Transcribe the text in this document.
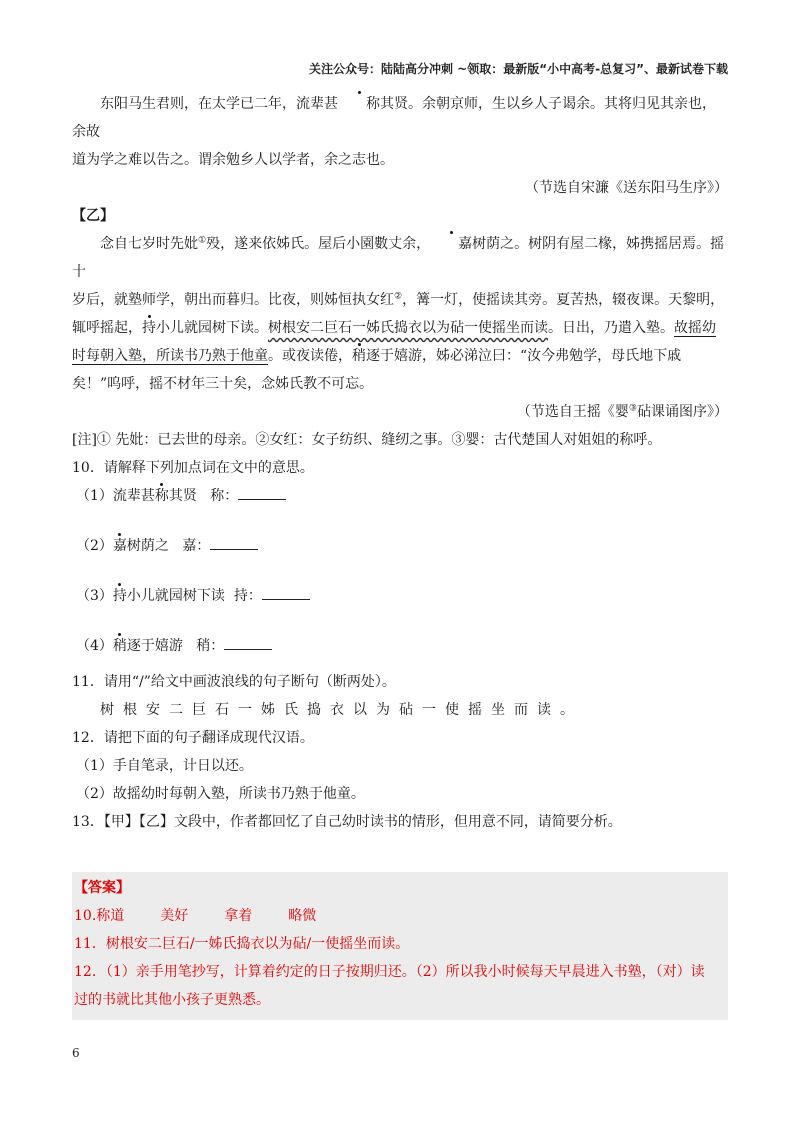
关注公众号：陆陆高分冲刺 ~领取：最新版“小中高考-总复习”、最新试卷下载

东阳马生君则，在太学已二年，流辈甚 称其贤。余朝京师，生以乡人子谒余。其将归见其亲也，余故

道为学之难以告之。谓余勉乡人以学者，余之志也。

（节选自宋濂《送东阳马生序》）

【乙】

念自七岁时先妣①殁，遂来依姊氏。屋后小園數丈余， 嘉树荫之。树阴有屋二椽，姊携摇居焉。摇十

岁后，就塾师学，朝出而暮归。比夜，则姊恒执女红②，篝一灯，使摇读其旁。夏苦热，辍夜课。天黎明，

辄呼摇起，持小儿就园树下读。树根安二巨石一姊氏捣衣以为砧一使摇坐而读。日出，乃遣入塾。故摇幼

时每朝入塾，所读书乃熟于他童。或夜读倦，稍逐于嬉游，姊必涕泣曰：“汝今弗勉学，母氏地下戚

矣！”呜呼，摇不材年三十矣，念姊氏教不可忘。

（节选自王摇《婴③砧课诵图序》）

[注]① 先妣：已去世的母亲。②女红：女子纺织、缝纫之事。③婴：古代楚国人对姐姐的称呼。

10．请解释下列加点词在文中的意思。

（1）流辈甚称其贤 称：

（2）嘉树荫之 嘉：

（3）持小儿就园树下读 持：

（4）稍逐于嬉游 稍：

11．请用“/”给文中画波浪线的句子断句（断两处）。

树根安二巨石一姊氏捣衣以为砧一使摇坐而读。

12．请把下面的句子翻译成现代汉语。

（1）手自笔录，计日以还。

（2）故摇幼时每朝入塾，所读书乃熟于他童。

13．【甲】【乙】文段中，作者都回忆了自己幼时读书的情形，但用意不同，请简要分析。

【答案】

10.称道	美好	拿着	略微

11．树根安二巨石/一姊氏捣衣以为砧/一使摇坐而读。

12．（1）亲手用笔抄写，计算着约定的日子按期归还。（2）所以我小时候每天早晨进入书塾，（对）读

过的书就比其他小孩子更熟悉。

6
